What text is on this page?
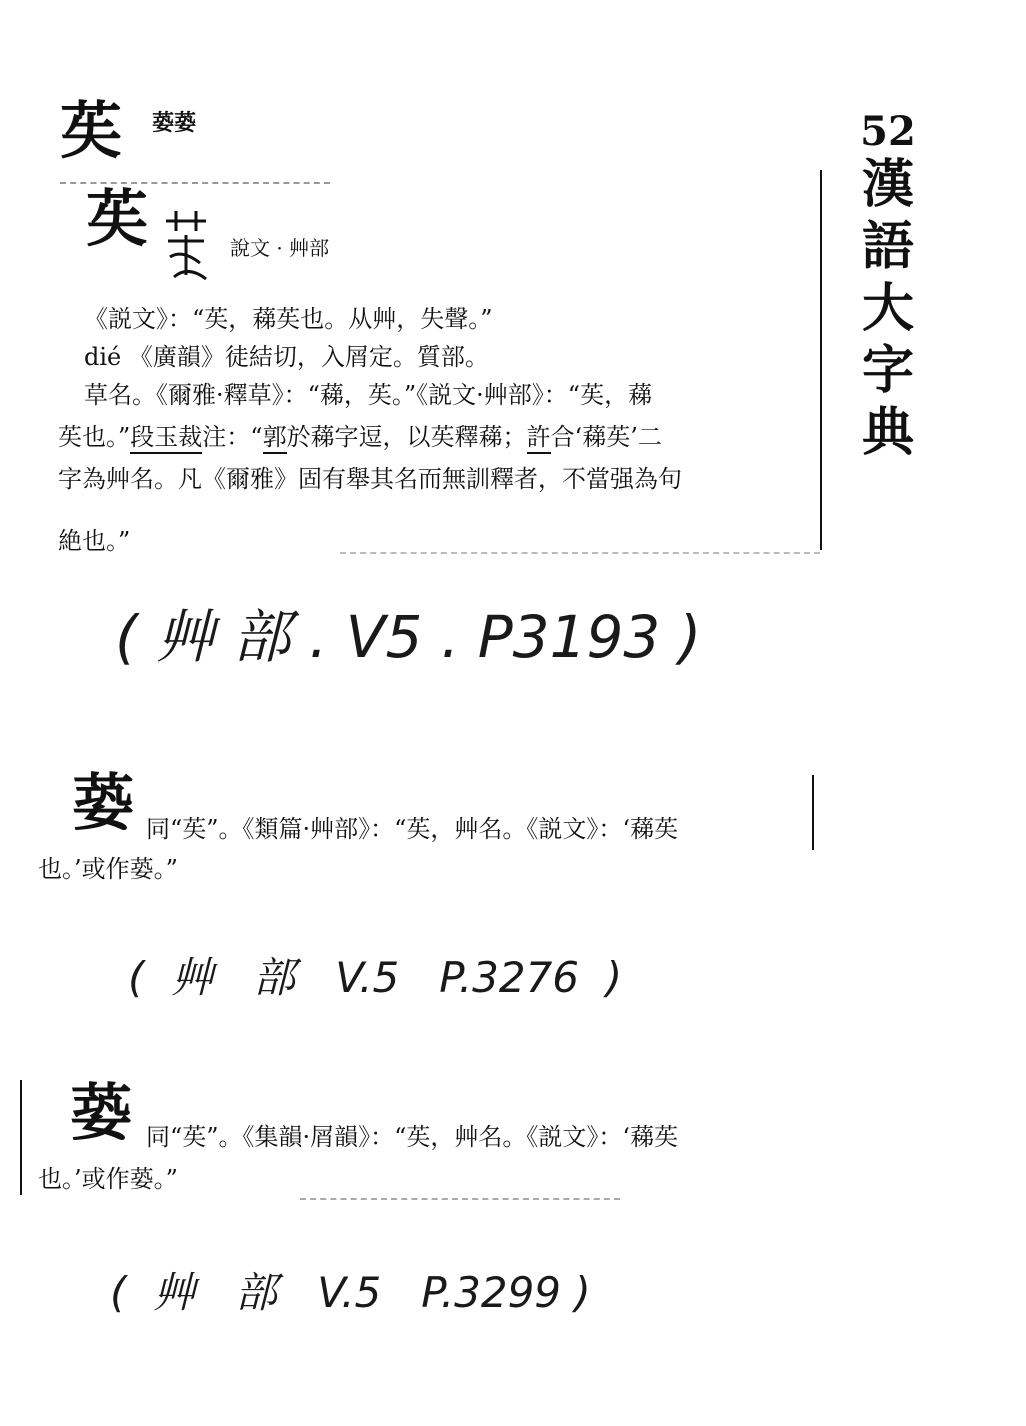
苵 蒆蒆
苵	說文 · 艸部
《説文》：“苵，蕛苵也。从艸，失聲。”
dié 《廣韻》徒結切，入屑定。質部。
草名。《爾雅·釋草》：“蕛，苵。”《説文·艸部》：“苵，蕛
苵也。”段玉裁注：“郭於蕛字逗，以苵釋蕛；許合‘蕛苵’二
字為艸名。凡《爾雅》固有舉其名而無訓釋者，不當强為句
絶也。”
( 艸 部 . V5 . P3193 )
52
漢
語
大
字
典
蒆 同“苵”。《類篇·艸部》：“苵，艸名。《説文》：‘蕛苵
也。’或作蒆。”
(  艸   部   V.5   P.3276  )
蒆 同“苵”。《集韻·屑韻》：“苵，艸名。《説文》：‘蕛苵
也。’或作蒆。”
(  艸   部   V.5   P.3299 )
